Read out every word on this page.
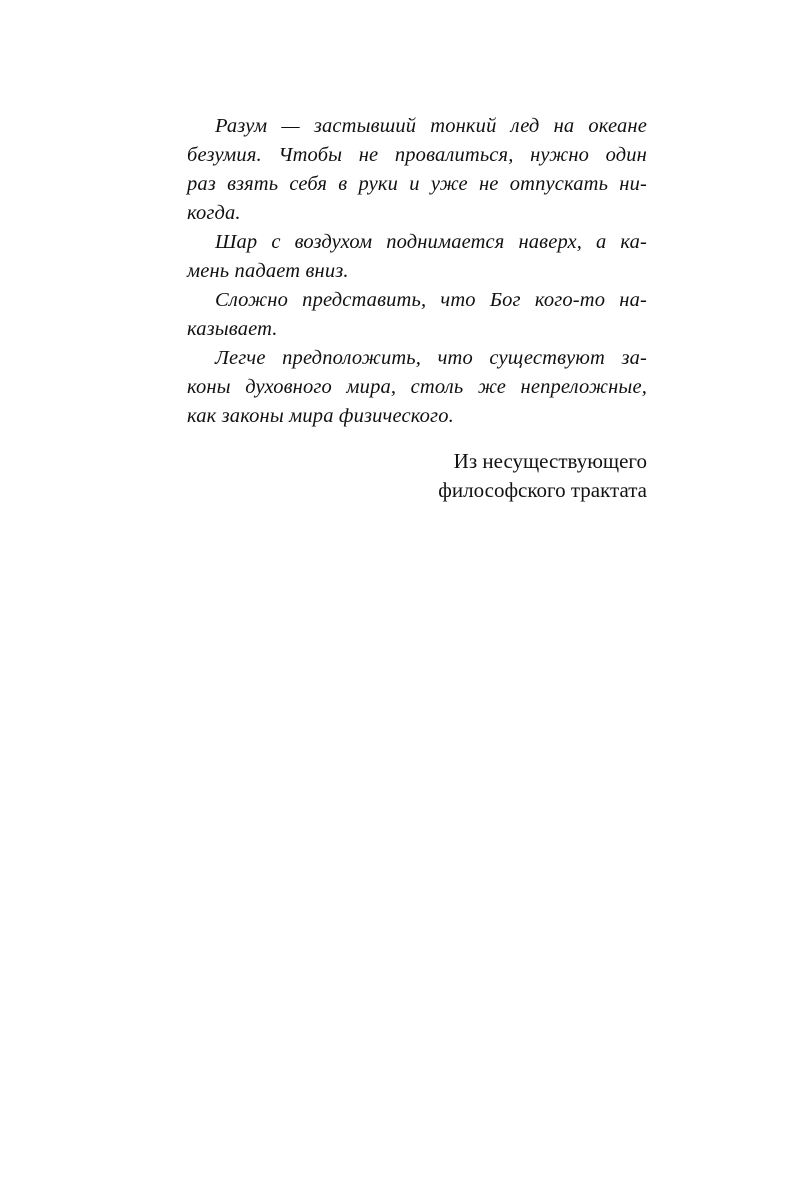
Разум — застывший тонкий лед на океане
безумия. Чтобы не провалиться, нужно один
раз взять себя в руки и уже не отпускать ни-
когда.

Шар с воздухом поднимается наверх, а ка-
мень падает вниз.

Сложно представить, что Бог кого-то на-
казывает.

Легче предположить, что существуют за-
коны духовного мира, столь же непреложные,
как законы мира физического.

Из несуществующего
философского трактата
